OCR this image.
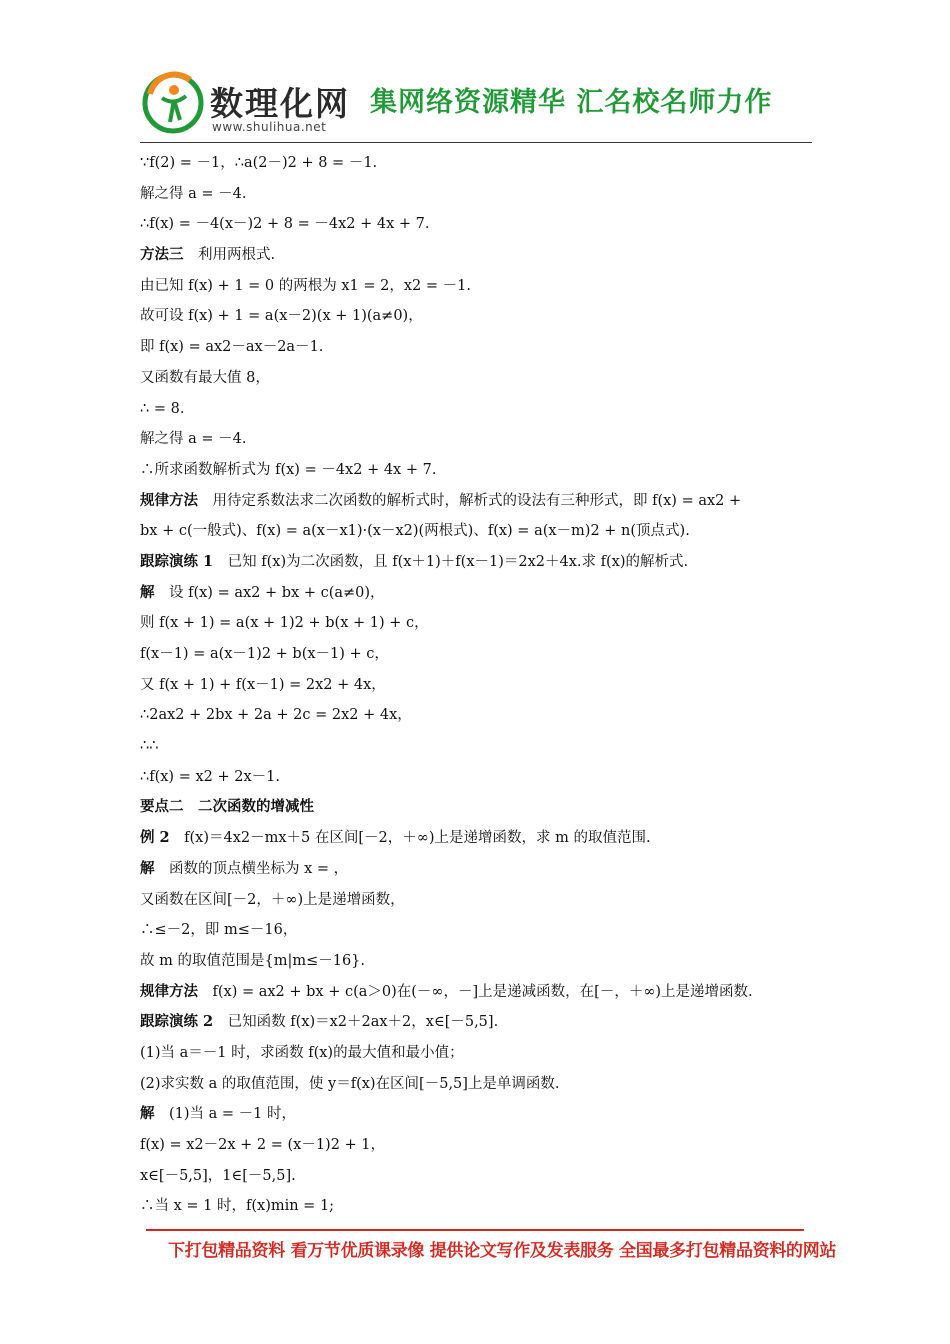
数理化网
www.shulihua.net
集网络资源精华 汇名校名师力作
∵f(2) = －1，∴a(2－)2 + 8 = －1.
解之得 a = －4.
∴f(x) = －4(x－)2 + 8 = －4x2 + 4x + 7.
方法三　 利用两根式.
由已知 f(x) + 1 = 0 的两根为 x1 = 2，x2 = －1.
故可设 f(x) + 1 = a(x－2)(x + 1)(a≠0)，
即 f(x) = ax2－ax－2a－1.
又函数有最大值 8，
∴ = 8.
解之得 a = －4.
∴所求函数解析式为 f(x) = －4x2 + 4x + 7.
规律方法　 用待定系数法求二次函数的解析式时，解析式的设法有三种形式，即 f(x) = ax2 +
bx + c(一般式)、f(x) = a(x－x1)·(x－x2)(两根式)、f(x) = a(x－m)2 + n(顶点式).
跟踪演练 1　 已知 f(x)为二次函数，且 f(x＋1)＋f(x－1)＝2x2＋4x.求 f(x)的解析式.
解　 设 f(x) = ax2 + bx + c(a≠0)，
则 f(x + 1) = a(x + 1)2 + b(x + 1) + c，
f(x－1) = a(x－1)2 + b(x－1) + c，
又 f(x + 1) + f(x－1) = 2x2 + 4x，
∴2ax2 + 2bx + 2a + 2c = 2x2 + 4x，
∴∴
∴f(x) = x2 + 2x－1.
要点二　二次函数的增减性
例 2　 f(x)＝4x2－mx＋5 在区间[－2，＋∞)上是递增函数，求 m 的取值范围.
解　 函数的顶点横坐标为 x = ，
又函数在区间[－2，＋∞)上是递增函数，
∴≤－2，即 m≤－16，
故 m 的取值范围是{m|m≤－16}.
规律方法　 f(x) = ax2 + bx + c(a＞0)在(－∞，－]上是递减函数，在[－，＋∞)上是递增函数.
跟踪演练 2　 已知函数 f(x)＝x2＋2ax＋2，x∈[－5,5].
(1)当 a＝－1 时，求函数 f(x)的最大值和最小值；
(2)求实数 a 的取值范围，使 y＝f(x)在区间[－5,5]上是单调函数.
解　 (1)当 a = －1 时，
f(x) = x2－2x + 2 = (x－1)2 + 1，
x∈[－5,5]，1∈[－5,5].
∴当 x = 1 时，f(x)min = 1;
下打包精品资料 看万节优质课录像 提供论文写作及发表服务 全国最多打包精品资料的网站
